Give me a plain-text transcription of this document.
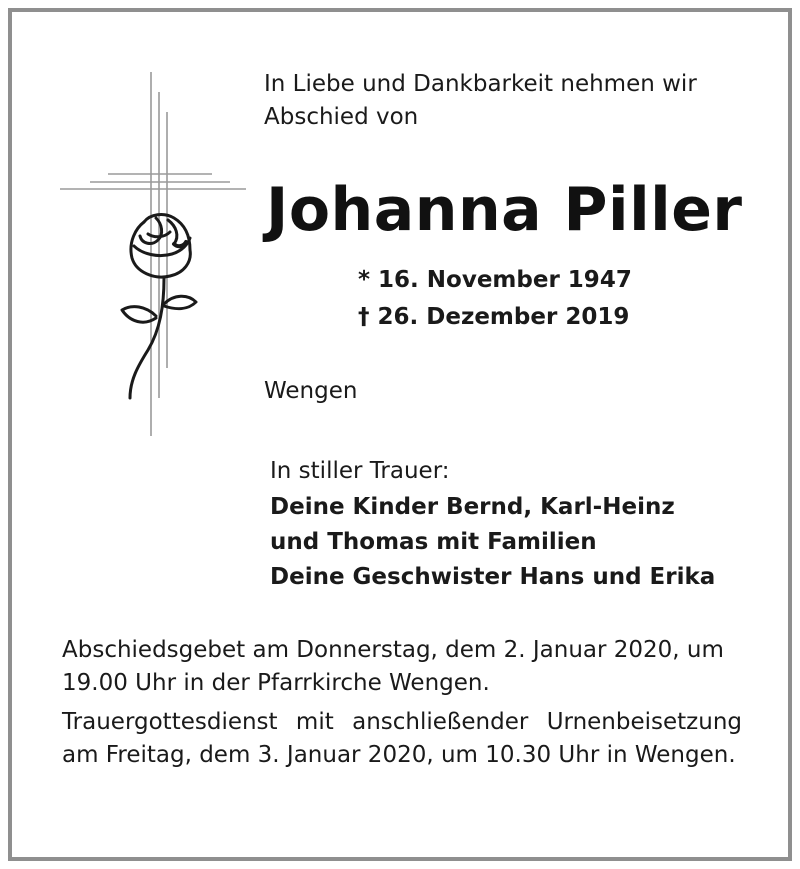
In Liebe und Dankbarkeit nehmen wir
Abschied von
Johanna Piller
* 16. November 1947
† 26. Dezember 2019
Wengen
In stiller Trauer:
Deine Kinder Bernd, Karl-Heinz
und Thomas mit Familien
Deine Geschwister Hans und Erika
Abschiedsgebet am Donnerstag, dem 2. Januar 2020, um 19.00 Uhr in der Pfarrkirche Wengen.
Trauergottesdienst mit anschließender Urnenbeisetzung am Freitag, dem 3. Januar 2020, um 10.30 Uhr in Wengen.
